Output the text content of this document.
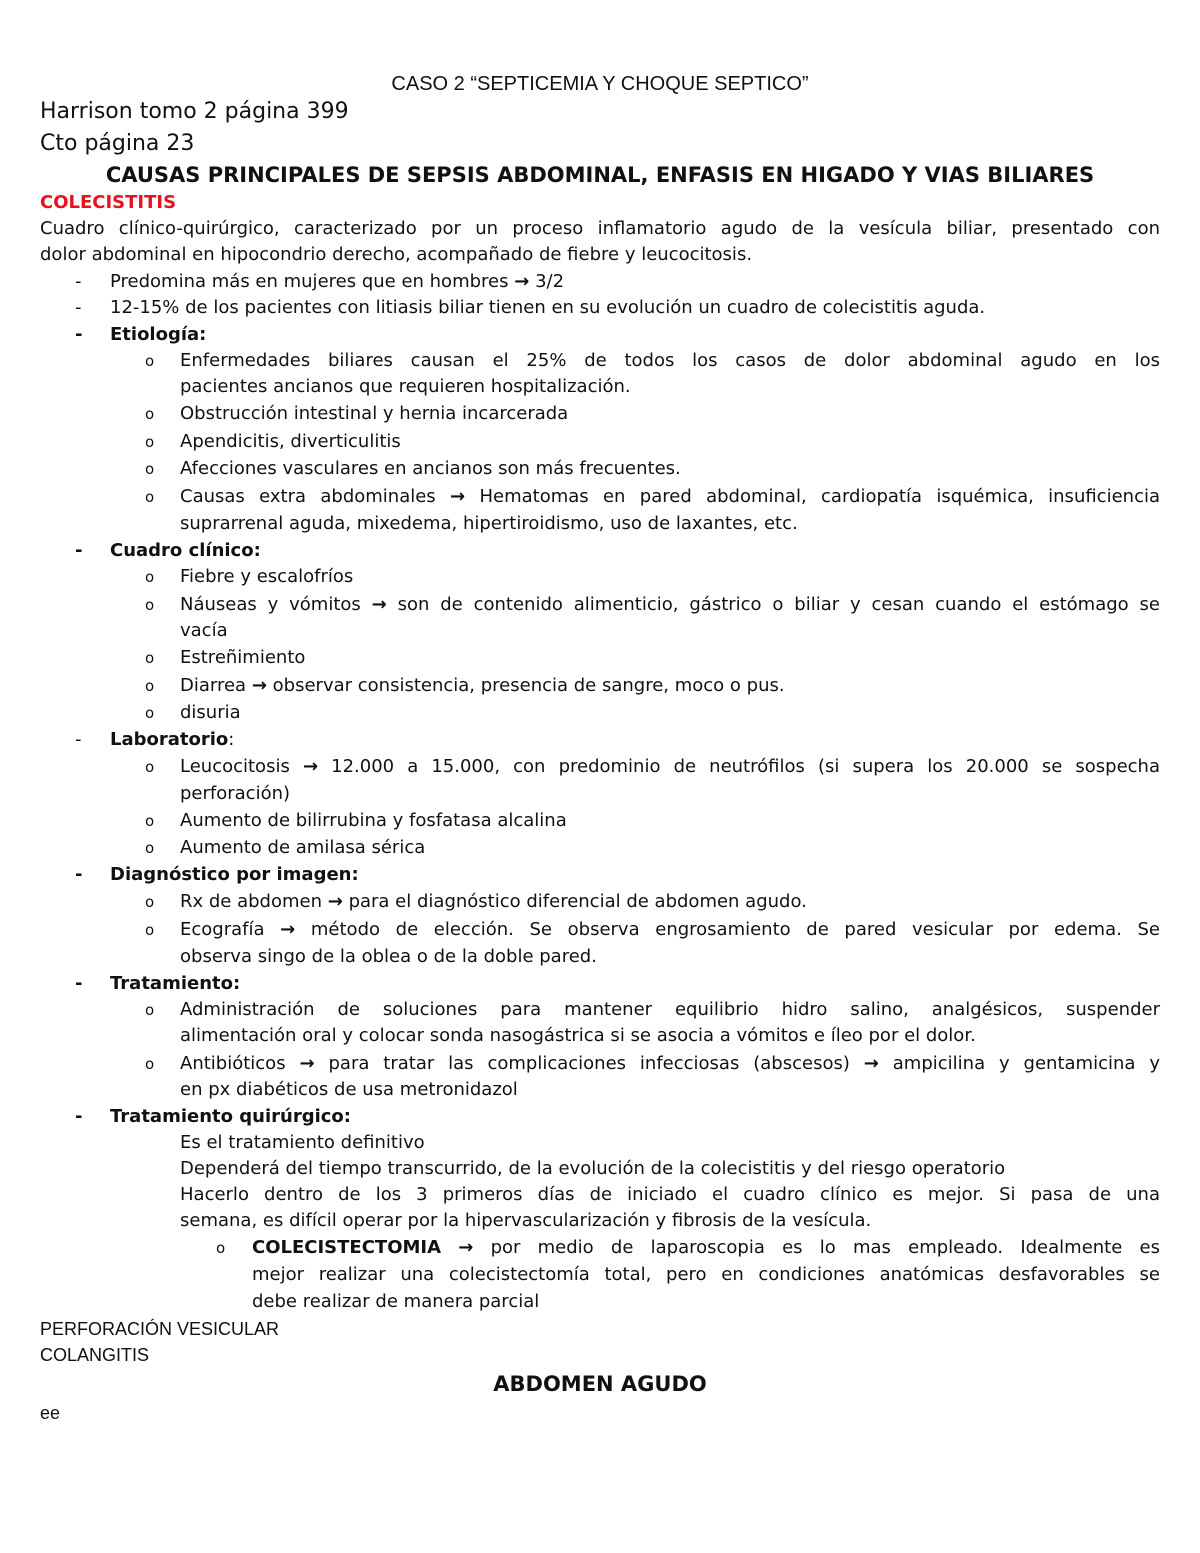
CASO 2 “SEPTICEMIA Y CHOQUE SEPTICO”
Harrison tomo 2 página 399
Cto página 23
CAUSAS PRINCIPALES DE SEPSIS ABDOMINAL, ENFASIS EN HIGADO Y VIAS BILIARES
COLECISTITIS
Cuadro clínico-quirúrgico, caracterizado por un proceso inflamatorio agudo de la vesícula biliar, presentado con
dolor abdominal en hipocondrio derecho, acompañado de fiebre y leucocitosis.
- Predomina más en mujeres que en hombres → 3/2
- 12-15% de los pacientes con litiasis biliar tienen en su evolución un cuadro de colecistitis aguda.
- Etiología:
o Enfermedades biliares causan el 25% de todos los casos de dolor abdominal agudo en los
pacientes ancianos que requieren hospitalización.
o Obstrucción intestinal y hernia incarcerada
o Apendicitis, diverticulitis
o Afecciones vasculares en ancianos son más frecuentes.
o Causas extra abdominales → Hematomas en pared abdominal, cardiopatía isquémica, insuficiencia
suprarrenal aguda, mixedema, hipertiroidismo, uso de laxantes, etc.
- Cuadro clínico:
o Fiebre y escalofríos
o Náuseas y vómitos → son de contenido alimenticio, gástrico o biliar y cesan cuando el estómago se
vacía
o Estreñimiento
o Diarrea → observar consistencia, presencia de sangre, moco o pus.
o disuria
- Laboratorio:
o Leucocitosis → 12.000 a 15.000, con predominio de neutrófilos (si supera los 20.000 se sospecha
perforación)
o Aumento de bilirrubina y fosfatasa alcalina
o Aumento de amilasa sérica
- Diagnóstico por imagen:
o Rx de abdomen → para el diagnóstico diferencial de abdomen agudo.
o Ecografía → método de elección. Se observa engrosamiento de pared vesicular por edema. Se
observa singo de la oblea o de la doble pared.
- Tratamiento:
o Administración de soluciones para mantener equilibrio hidro salino, analgésicos, suspender
alimentación oral y colocar sonda nasogástrica si se asocia a vómitos e íleo por el dolor.
o Antibióticos → para tratar las complicaciones infecciosas (abscesos) → ampicilina y gentamicina y
en px diabéticos de usa metronidazol
- Tratamiento quirúrgico:
Es el tratamiento definitivo
Dependerá del tiempo transcurrido, de la evolución de la colecistitis y del riesgo operatorio
Hacerlo dentro de los 3 primeros días de iniciado el cuadro clínico es mejor. Si pasa de una
semana, es difícil operar por la hipervascularización y fibrosis de la vesícula.
o COLECISTECTOMIA → por medio de laparoscopia es lo mas empleado. Idealmente es
mejor realizar una colecistectomía total, pero en condiciones anatómicas desfavorables se
debe realizar de manera parcial
PERFORACIÓN VESICULAR
COLANGITIS
ABDOMEN AGUDO
ee
